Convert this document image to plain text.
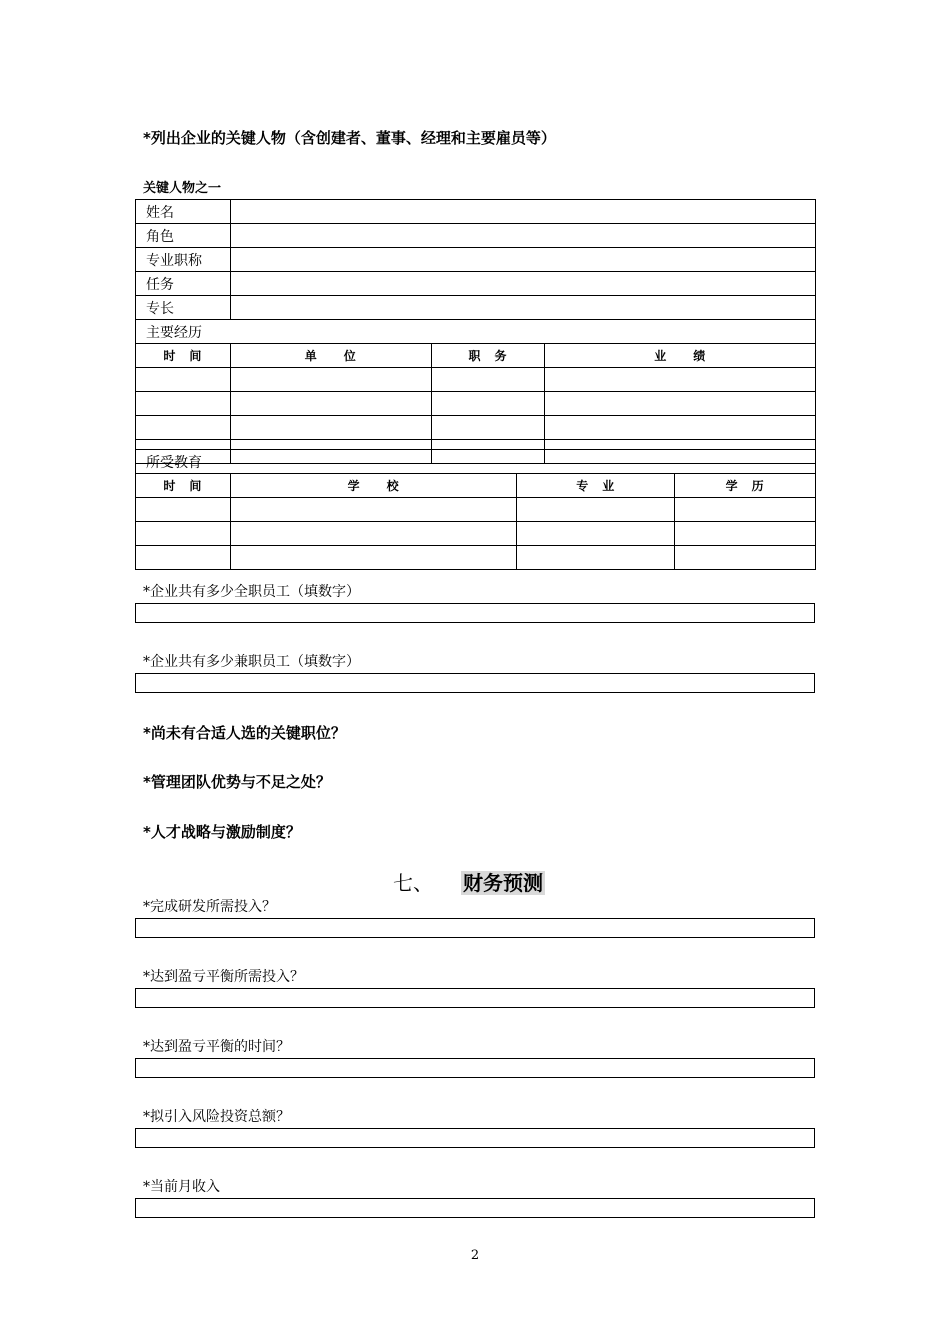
*列出企业的关键人物（含创建者、董事、经理和主要雇员等）
关键人物之一
姓名			
角色			
专业职称			
任务			
专长			
主要经历			
时　间	单　　位	职　务	业　　绩

所受教育			
时　间	学　　校	专　业	学　历

*企业共有多少全职员工（填数字）
*企业共有多少兼职员工（填数字）
*尚未有合适人选的关键职位？
*管理团队优势与不足之处？
*人才战略与激励制度？
七、 财务预测
*完成研发所需投入？
*达到盈亏平衡所需投入？
*达到盈亏平衡的时间？
*拟引入风险投资总额？
*当前月收入
2
